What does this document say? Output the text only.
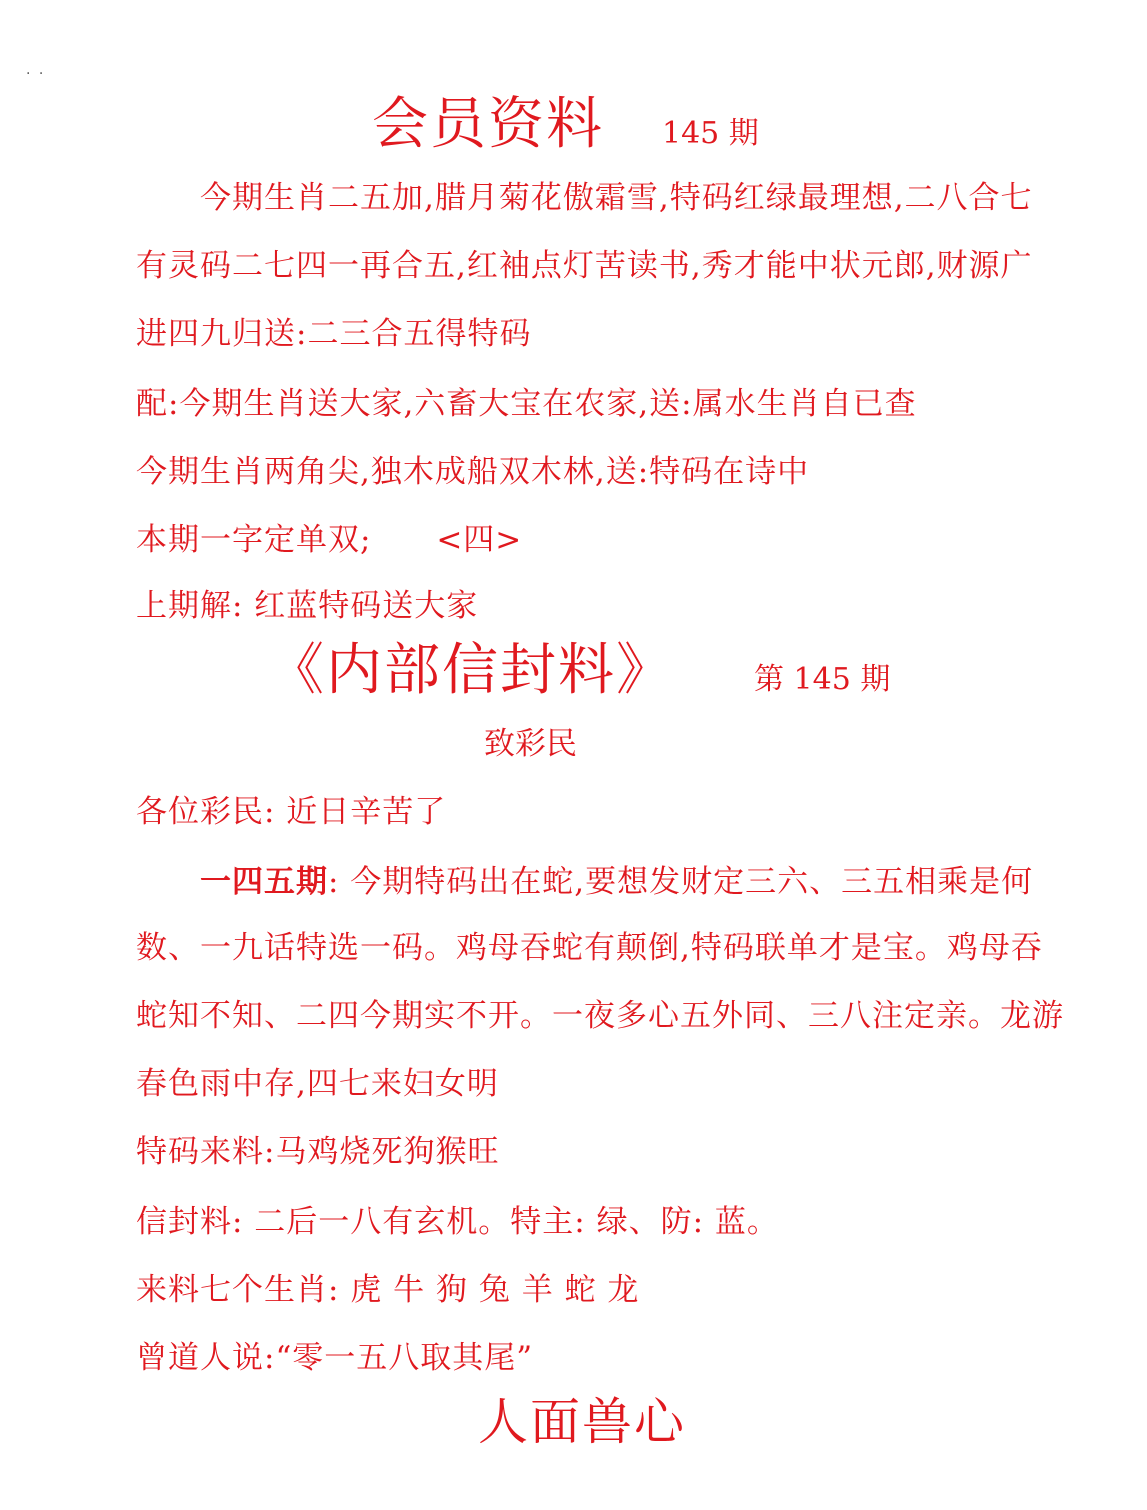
. .
会员资料 145 期
今期生肖二五加,腊月菊花傲霜雪,特码红绿最理想,二八合七
有灵码二七四一再合五,红袖点灯苦读书,秀才能中状元郎,财源广
进四九归送:二三合五得特码
配:今期生肖送大家,六畜大宝在农家,送:属水生肖自已查
今期生肖两角尖,独木成船双木林,送:特码在诗中
本期一字定单双; <四>
上期解: 红蓝特码送大家
《内部信封料》	第 145 期
致彩民
各位彩民: 近日辛苦了
一四五期: 今期特码出在蛇,要想发财定三六、三五相乘是何
数、一九话特选一码。鸡母吞蛇有颠倒,特码联单才是宝。鸡母吞
蛇知不知、二四今期实不开。一夜多心五外同、三八注定亲。龙游
春色雨中存,四七来妇女明
特码来料:马鸡烧死狗猴旺
信封料: 二后一八有玄机。特主: 绿、防: 蓝。
来料七个生肖: 虎 牛 狗 兔 羊 蛇 龙
曾道人说:“零一五八取其尾”
人面兽心
